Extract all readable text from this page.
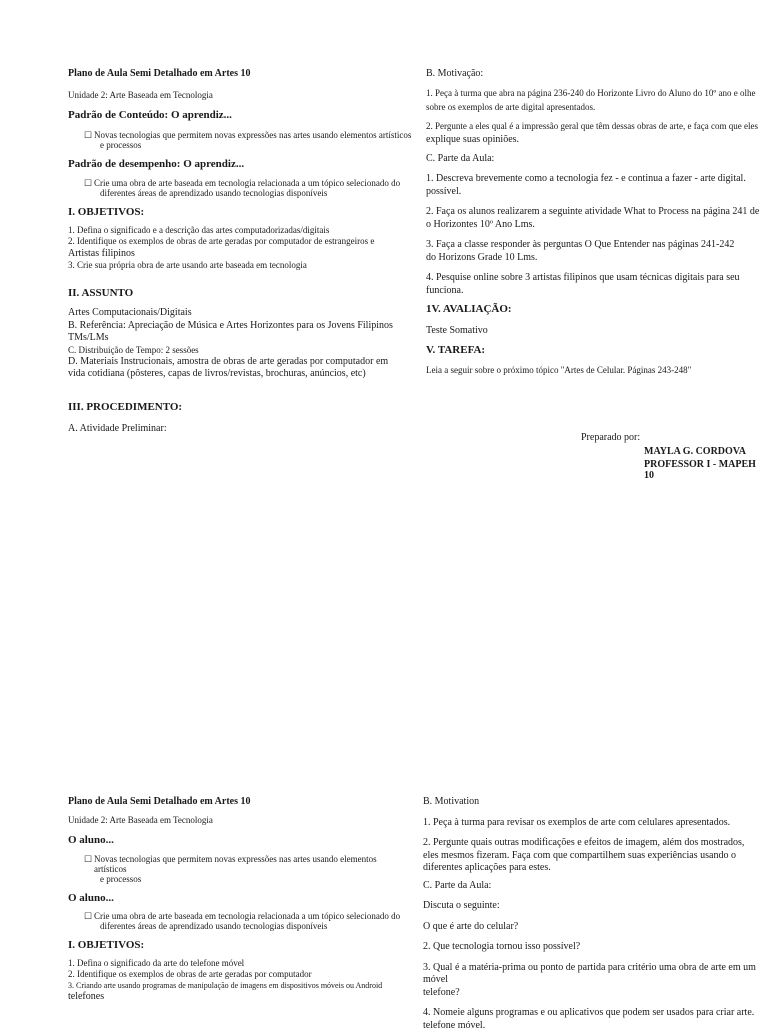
Plano de Aula Semi Detalhado em Artes 10

Unidade 2: Arte Baseada em Tecnologia

Padrão de Conteúdo: O aprendiz...

☐ Novas tecnologias que permitem novas expressões nas artes usando elementos artísticos
e processos

Padrão de desempenho: O aprendiz...

☐ Crie uma obra de arte baseada em tecnologia relacionada a um tópico selecionado do
diferentes áreas de aprendizado usando tecnologias disponíveis

I. OBJETIVOS:

1. Defina o significado e a descrição das artes computadorizadas/digitais

2. Identifique os exemplos de obras de arte geradas por computador de estrangeiros e

Artistas filipinos

3. Crie sua própria obra de arte usando arte baseada em tecnologia

II. ASSUNTO

Artes Computacionais/Digitais

B. Referência: Apreciação de Música e Artes Horizontes para os Jovens Filipinos

TMs/LMs

C. Distribuição de Tempo: 2 sessões

D. Materiais Instrucionais, amostra de obras de arte geradas por computador em

vida cotidiana (pôsteres, capas de livros/revistas, brochuras, anúncios, etc)

III. PROCEDIMENTO:

A. Atividade Preliminar:

B. Motivação:

1. Peça à turma que abra na página 236-240 do Horizonte Livro do Aluno do 10º ano e olhe

sobre os exemplos de arte digital apresentados.

2. Pergunte a eles qual é a impressão geral que têm dessas obras de arte, e faça com que eles

explique suas opiniões.

C. Parte da Aula:

1. Descreva brevemente como a tecnologia fez - e continua a fazer - arte digital.

possível.

2. Faça os alunos realizarem a seguinte atividade What to Process na página 241 de

o Horizontes 10º Ano Lms.

3. Faça a classe responder às perguntas O Que Entender nas páginas 241-242

do Horizons Grade 10 Lms.

4. Pesquise online sobre 3 artistas filipinos que usam técnicas digitais para seu

funciona.

1V. AVALIAÇÃO:

Teste Somativo

V. TAREFA:

Leia a seguir sobre o próximo tópico "Artes de Celular. Páginas 243-248"

Preparado por:
MAYLA G. CORDOVA
PROFESSOR I - MAPEH 10

Plano de Aula Semi Detalhado em Artes 10

Unidade 2: Arte Baseada em Tecnologia

O aluno...

☐ Novas tecnologias que permitem novas expressões nas artes usando elementos artísticos
e processos

O aluno...

☐ Crie uma obra de arte baseada em tecnologia relacionada a um tópico selecionado do
diferentes áreas de aprendizado usando tecnologias disponíveis

I. OBJETIVOS:

1. Defina o significado da arte do telefone móvel

2. Identifique os exemplos de obras de arte geradas por computador

3. Criando arte usando programas de manipulação de imagens em dispositivos móveis ou Android

telefones

B. Motivation

1. Peça à turma para revisar os exemplos de arte com celulares apresentados.

2. Pergunte quais outras modificações e efeitos de imagem, além dos mostrados,

eles mesmos fizeram. Faça com que compartilhem suas experiências usando o

diferentes aplicações para estes.

C. Parte da Aula:

Discuta o seguinte:

O que é arte do celular?

2. Que tecnologia tornou isso possível?

3. Qual é a matéria-prima ou ponto de partida para critério uma obra de arte em um móvel

telefone?

4. Nomeie alguns programas e ou aplicativos que podem ser usados para criar arte.

telefone móvel.
